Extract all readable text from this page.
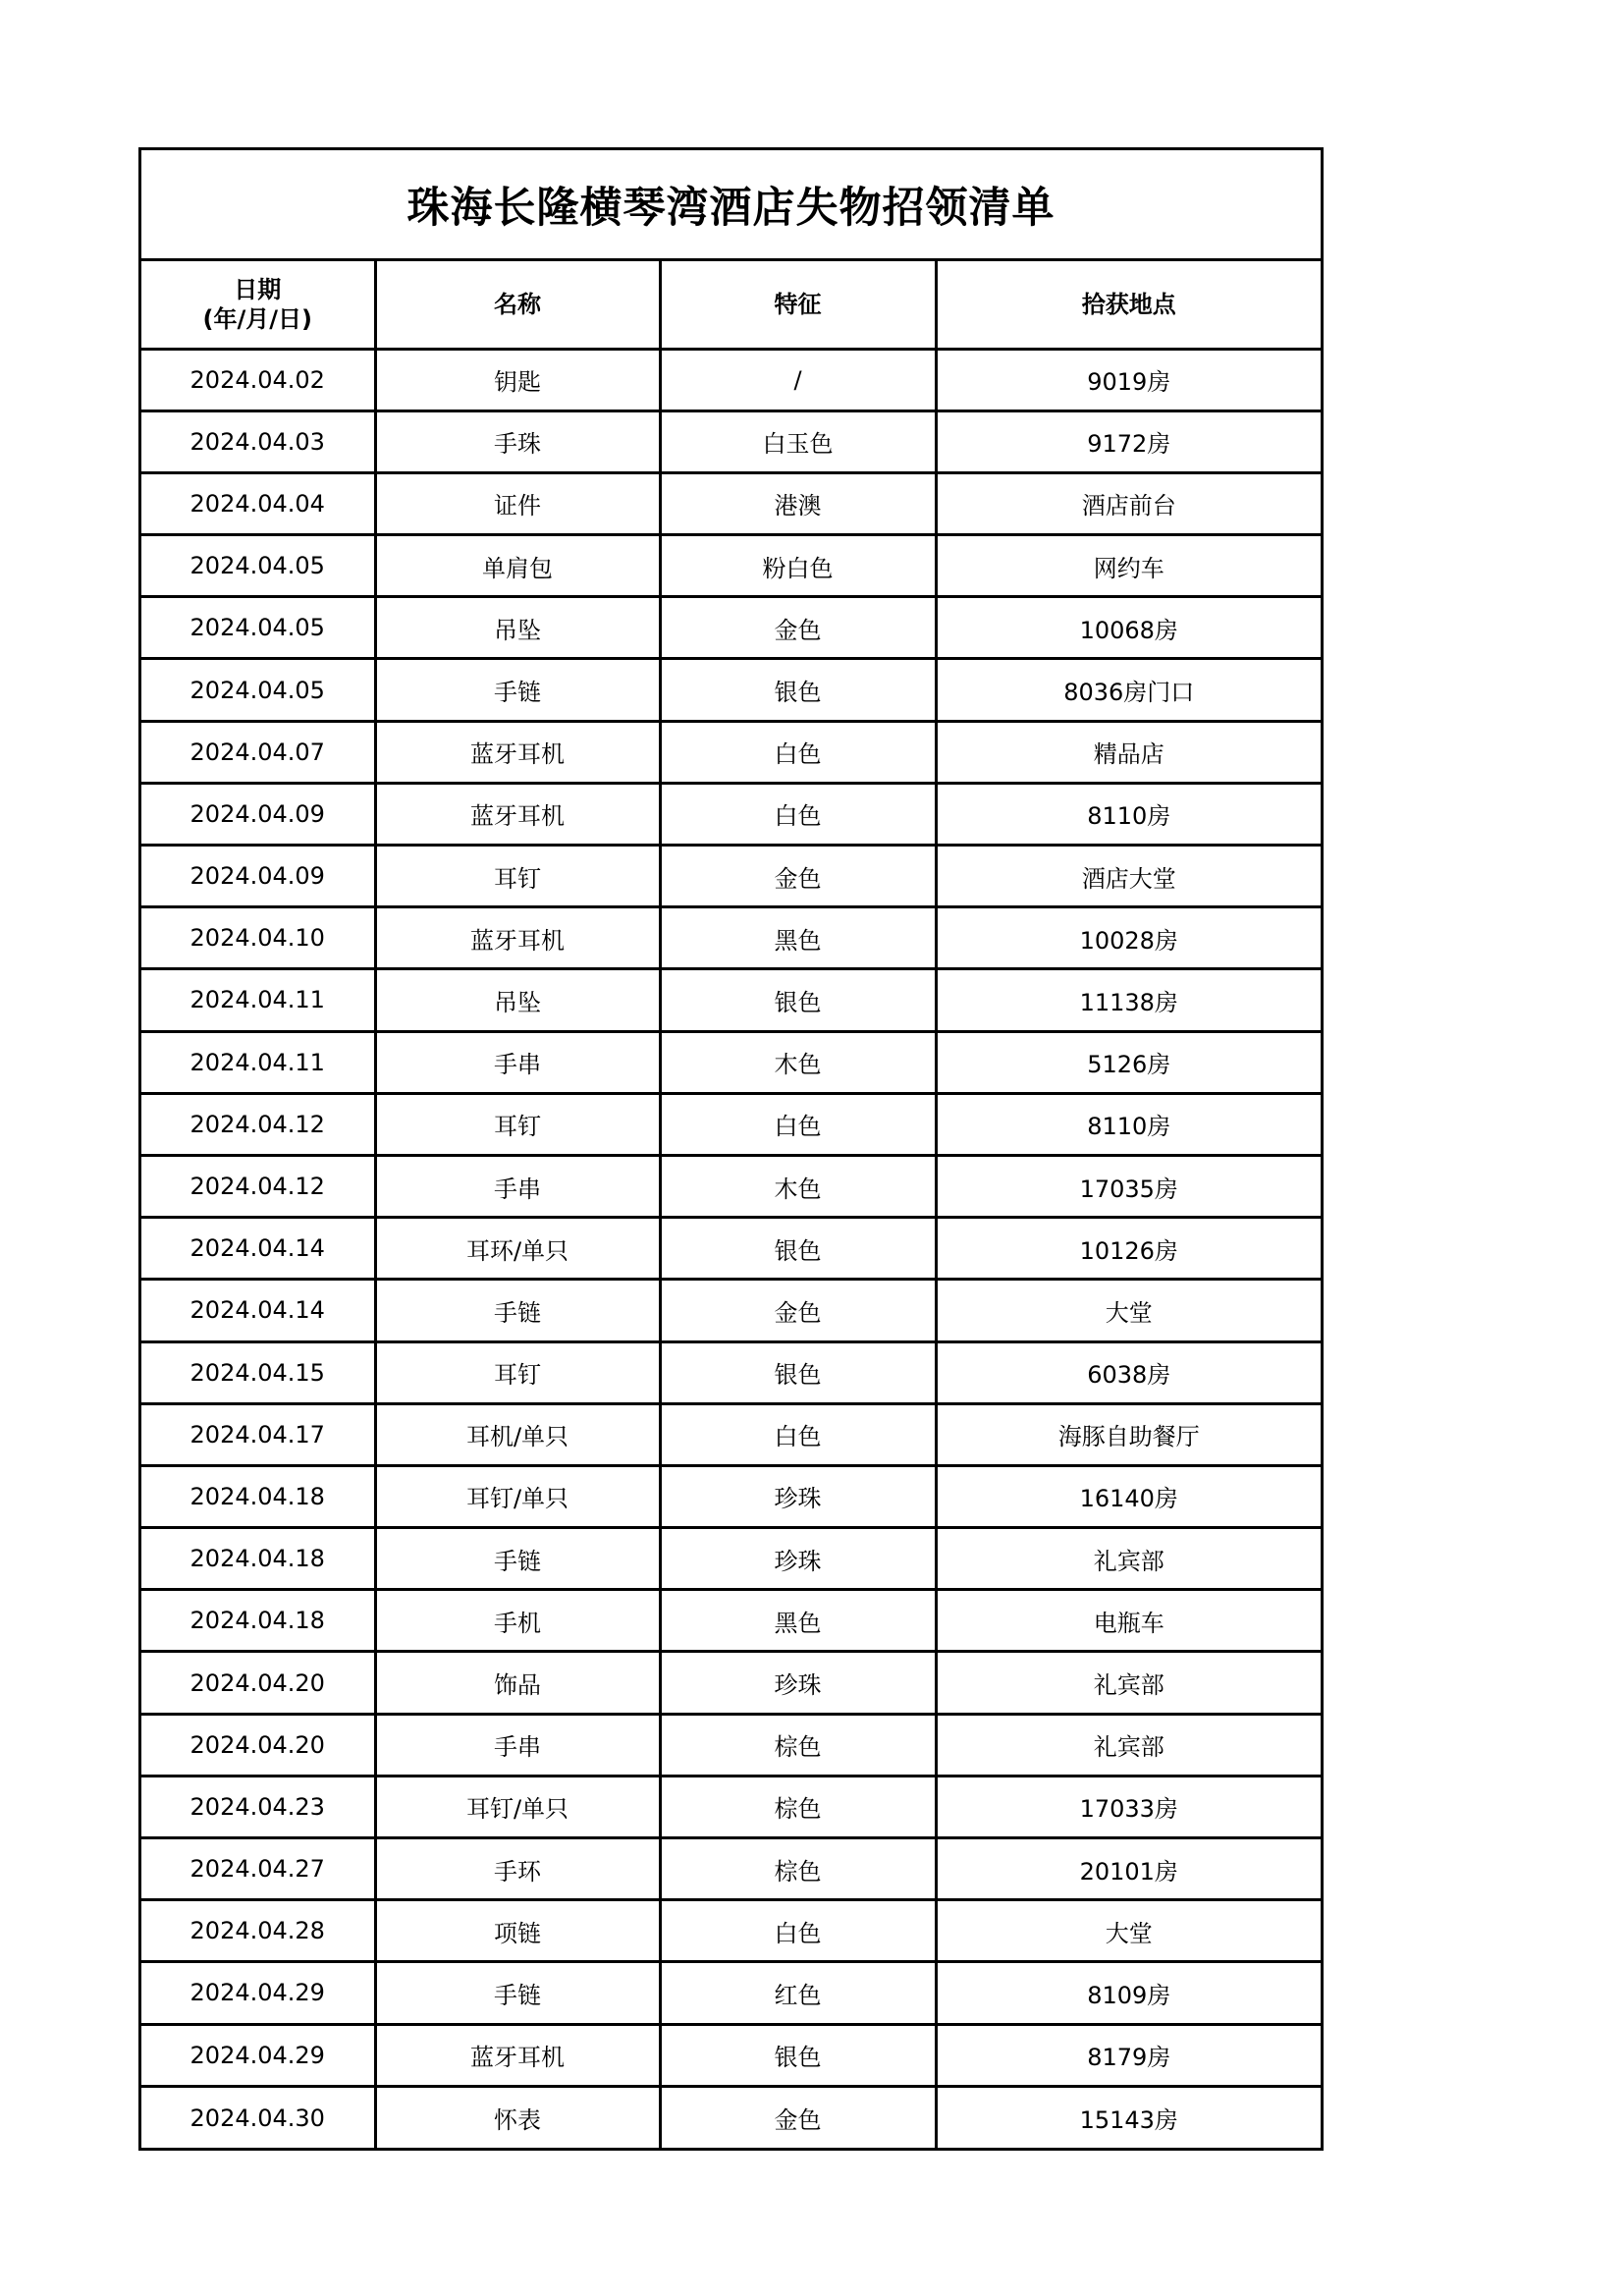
珠海长隆横琴湾酒店失物招领清单
日期
(年/月/日)	名称	特征	拾获地点
2024.04.02	钥匙	/	9019房
2024.04.03	手珠	白玉色	9172房
2024.04.04	证件	港澳	酒店前台
2024.04.05	单肩包	粉白色	网约车
2024.04.05	吊坠	金色	10068房
2024.04.05	手链	银色	8036房门口
2024.04.07	蓝牙耳机	白色	精品店
2024.04.09	蓝牙耳机	白色	8110房
2024.04.09	耳钉	金色	酒店大堂
2024.04.10	蓝牙耳机	黑色	10028房
2024.04.11	吊坠	银色	11138房
2024.04.11	手串	木色	5126房
2024.04.12	耳钉	白色	8110房
2024.04.12	手串	木色	17035房
2024.04.14	耳环/单只	银色	10126房
2024.04.14	手链	金色	大堂
2024.04.15	耳钉	银色	6038房
2024.04.17	耳机/单只	白色	海豚自助餐厅
2024.04.18	耳钉/单只	珍珠	16140房
2024.04.18	手链	珍珠	礼宾部
2024.04.18	手机	黑色	电瓶车
2024.04.20	饰品	珍珠	礼宾部
2024.04.20	手串	棕色	礼宾部
2024.04.23	耳钉/单只	棕色	17033房
2024.04.27	手环	棕色	20101房
2024.04.28	项链	白色	大堂
2024.04.29	手链	红色	8109房
2024.04.29	蓝牙耳机	银色	8179房
2024.04.30	怀表	金色	15143房
